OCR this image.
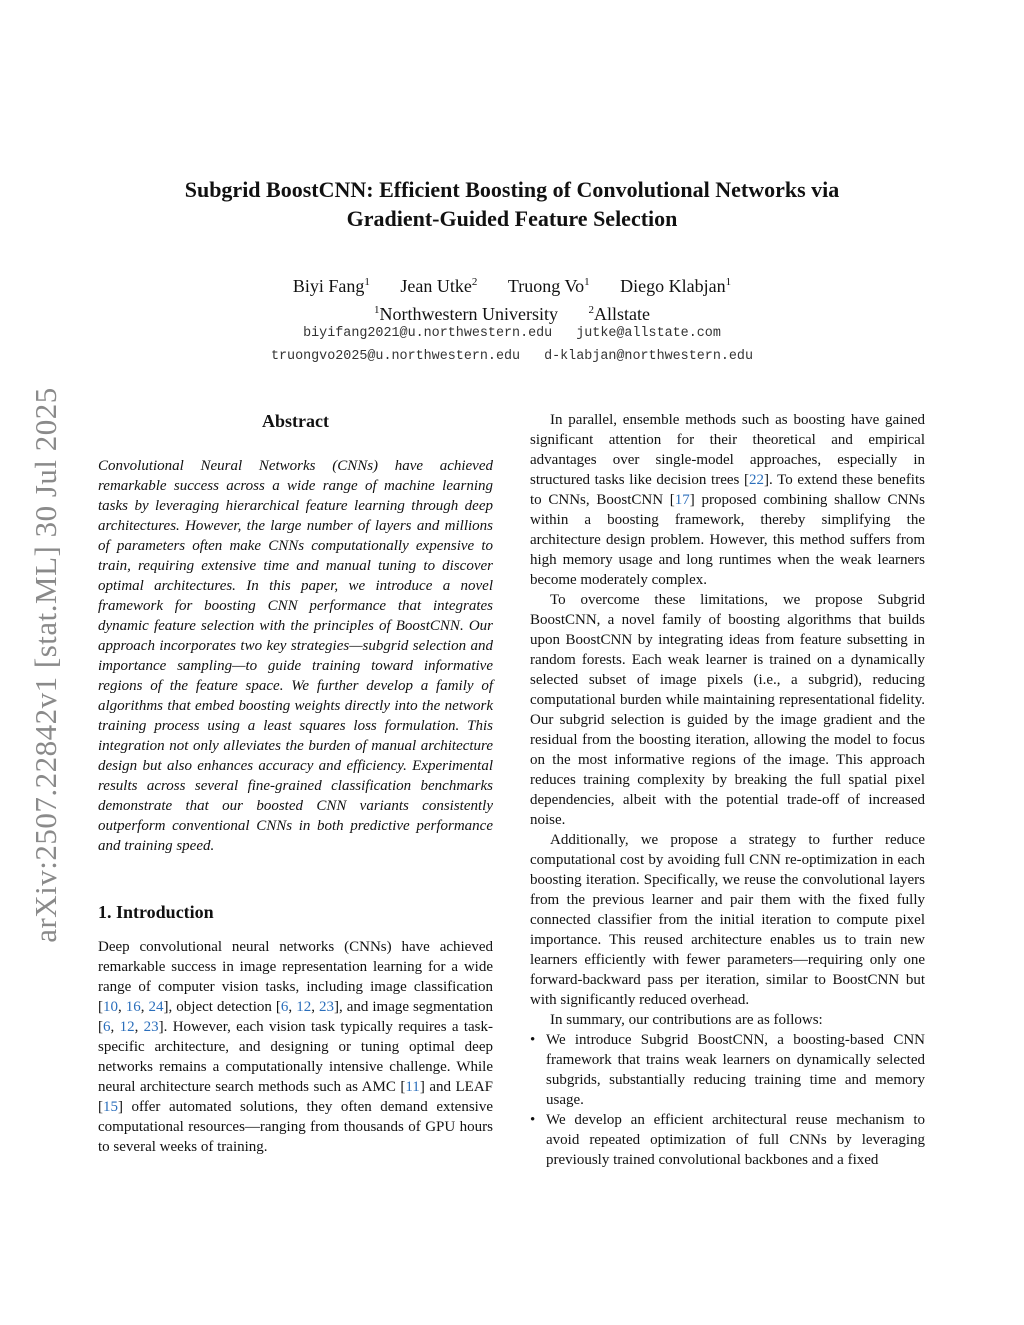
arXiv:2507.22842v1 [stat.ML] 30 Jul 2025
Subgrid BoostCNN: Efficient Boosting of Convolutional Networks via
Gradient-Guided Feature Selection
Biyi Fang$^1$ Jean Utke$^2$ Truong Vo$^1$ Diego Klabjan$^1$
$^1$Northwestern University	$^2$Allstate
biyifang2021@u.northwestern.edu jutke@allstate.com
truongvo2025@u.northwestern.edu d-klabjan@northwestern.edu
Abstract

Convolutional Neural Networks (CNNs) have achieved remarkable success across a wide range of machine learning tasks by leveraging hierarchical feature learning through deep architectures. However, the large number of layers and millions of parameters often make CNNs computationally expensive to train, requiring extensive time and manual tuning to discover optimal architectures. In this paper, we introduce a novel framework for boosting CNN performance that integrates dynamic feature selection with the principles of BoostCNN. Our approach incorporates two key strategies—subgrid selection and importance sampling—to guide training toward informative regions of the feature space. We further develop a family of algorithms that embed boosting weights directly into the network training process using a least squares loss formulation. This integration not only alleviates the burden of manual architecture design but also enhances accuracy and efficiency. Experimental results across several fine-grained classification benchmarks demonstrate that our boosted CNN variants consistently outperform conventional CNNs in both predictive performance and training speed.

1. Introduction

Deep convolutional neural networks (CNNs) have achieved remarkable success in image representation learning for a wide range of computer vision tasks, including image classification [10, 16, 24], object detection [6, 12, 23], and image segmentation [6, 12, 23]. However, each vision task typically requires a task-specific architecture, and designing or tuning optimal deep networks remains a computationally intensive challenge. While neural architecture search methods such as AMC [11] and LEAF [15] offer automated solutions, they often demand extensive computational resources—ranging from thousands of GPU hours to several weeks of training.

In parallel, ensemble methods such as boosting have gained significant attention for their theoretical and empirical advantages over single-model approaches, especially in structured tasks like decision trees [22]. To extend these benefits to CNNs, BoostCNN [17] proposed combining shallow CNNs within a boosting framework, thereby simplifying the architecture design problem. However, this method suffers from high memory usage and long runtimes when the weak learners become moderately complex.

To overcome these limitations, we propose Subgrid BoostCNN, a novel family of boosting algorithms that builds upon BoostCNN by integrating ideas from feature subsetting in random forests. Each weak learner is trained on a dynamically selected subset of image pixels (i.e., a subgrid), reducing computational burden while maintaining representational fidelity. Our subgrid selection is guided by the image gradient and the residual from the boosting iteration, allowing the model to focus on the most informative regions of the image. This approach reduces training complexity by breaking the full spatial pixel dependencies, albeit with the potential trade-off of increased noise.

Additionally, we propose a strategy to further reduce computational cost by avoiding full CNN re-optimization in each boosting iteration. Specifically, we reuse the convolutional layers from the previous learner and pair them with the fixed fully connected classifier from the initial iteration to compute pixel importance. This reused architecture enables us to train new learners efficiently with fewer parameters—requiring only one forward-backward pass per iteration, similar to BoostCNN but with significantly reduced overhead.

In summary, our contributions are as follows:

• We introduce Subgrid BoostCNN, a boosting-based CNN framework that trains weak learners on dynamically selected subgrids, substantially reducing training time and memory usage.
• We develop an efficient architectural reuse mechanism to avoid repeated optimization of full CNNs by leveraging previously trained convolutional backbones and a fixed
